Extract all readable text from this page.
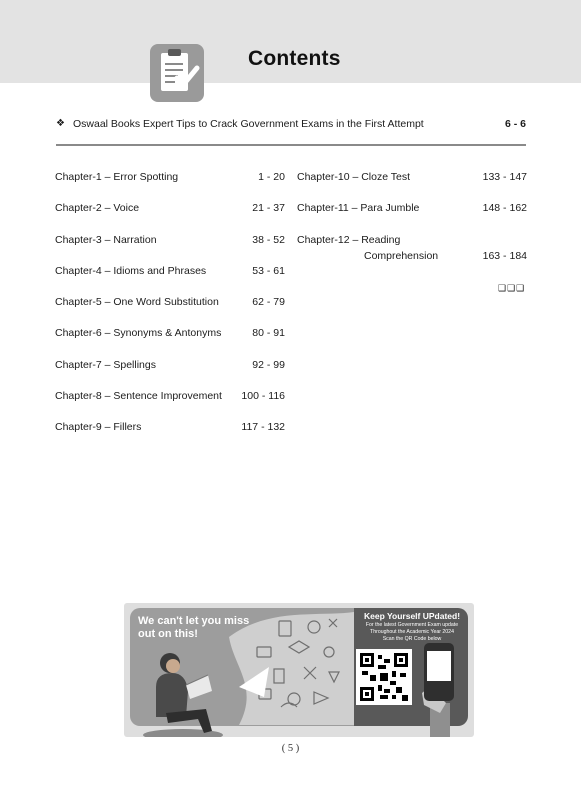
Contents
❖ Oswaal Books Expert Tips to Crack Government Exams in the First Attempt	6 - 6
Chapter-1 – Error Spotting	1 - 20
Chapter-2 – Voice	21 - 37
Chapter-3 – Narration	38 - 52
Chapter-4 – Idioms and Phrases	53 - 61
Chapter-5 – One Word Substitution	62 - 79
Chapter-6 – Synonyms & Antonyms	80 - 91
Chapter-7 – Spellings	92 - 99
Chapter-8 – Sentence Improvement 100 - 116
Chapter-9 – Fillers	117 - 132
Chapter-10 – Cloze Test	133 - 147
Chapter-11 – Para Jumble	148 - 162
Chapter-12 – Reading
Comprehension	163 - 184
❑❑❑
We can't let you miss out on this!
Keep Yourself UPdated!
For the latest Government Exam update Throughout the Academic Year 2024 Scan the QR Code below
( 5 )
